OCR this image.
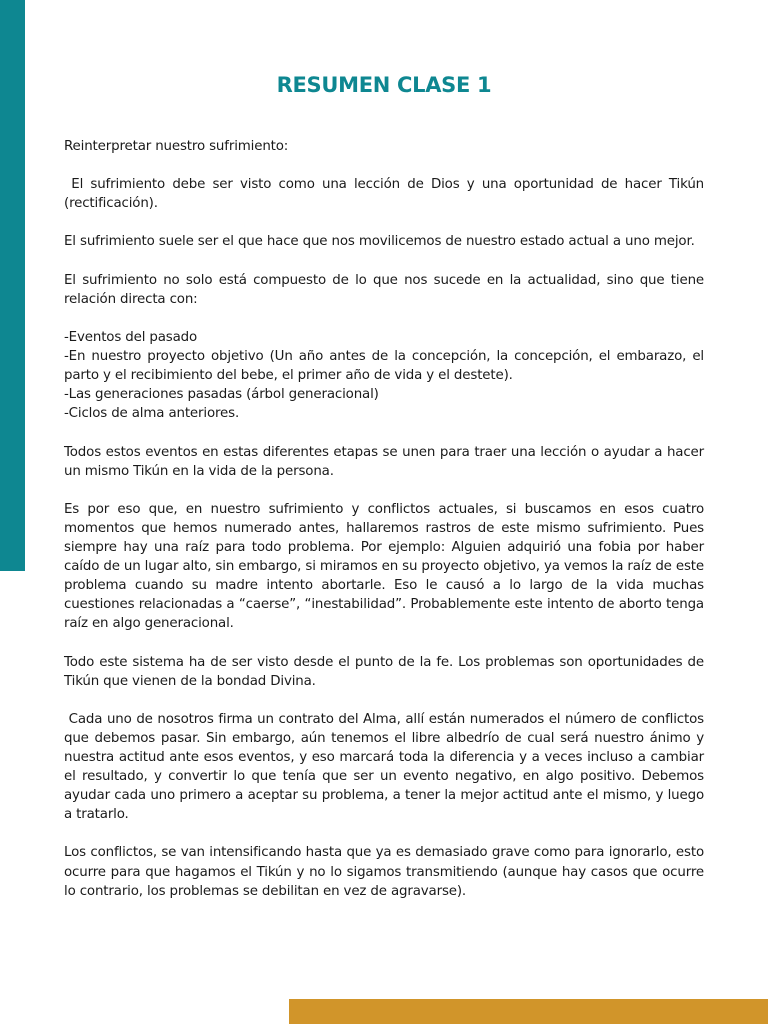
RESUMEN CLASE 1

Reinterpretar nuestro sufrimiento:

El sufrimiento debe ser visto como una lección de Dios y una oportunidad de hacer Tikún (rectificación).

El sufrimiento suele ser el que hace que nos movilicemos de nuestro estado actual a uno mejor.

El sufrimiento no solo está compuesto de lo que nos sucede en la actualidad, sino que tiene relación directa con:

-Eventos del pasado

-En nuestro proyecto objetivo (Un año antes de la concepción, la concepción, el embarazo, el parto y el recibimiento del bebe, el primer año de vida y el destete).

-Las generaciones pasadas (árbol generacional)

-Ciclos de alma anteriores.

Todos estos eventos en estas diferentes etapas se unen para traer una lección o ayudar a hacer un mismo Tikún en la vida de la persona.

Es por eso que, en nuestro sufrimiento y conflictos actuales, si buscamos en esos cuatro momentos que hemos numerado antes, hallaremos rastros de este mismo sufrimiento. Pues siempre hay una raíz para todo problema. Por ejemplo: Alguien adquirió una fobia por haber caído de un lugar alto, sin embargo, si miramos en su proyecto objetivo, ya vemos la raíz de este problema cuando su madre intento abortarle. Eso le causó a lo largo de la vida muchas cuestiones relacionadas a “caerse”, “inestabilidad”. Probablemente este intento de aborto tenga raíz en algo generacional.

Todo este sistema ha de ser visto desde el punto de la fe. Los problemas son oportunidades de Tikún que vienen de la bondad Divina.

Cada uno de nosotros firma un contrato del Alma, allí están numerados el número de conflictos que debemos pasar. Sin embargo, aún tenemos el libre albedrío de cual será nuestro ánimo y nuestra actitud ante esos eventos, y eso marcará toda la diferencia y a veces incluso a cambiar el resultado, y convertir lo que tenía que ser un evento negativo, en algo positivo. Debemos ayudar cada uno primero a aceptar su problema, a tener la mejor actitud ante el mismo, y luego a tratarlo.

Los conflictos, se van intensificando hasta que ya es demasiado grave como para ignorarlo, esto ocurre para que hagamos el Tikún y no lo sigamos transmitiendo (aunque hay casos que ocurre lo contrario, los problemas se debilitan en vez de agravarse).
